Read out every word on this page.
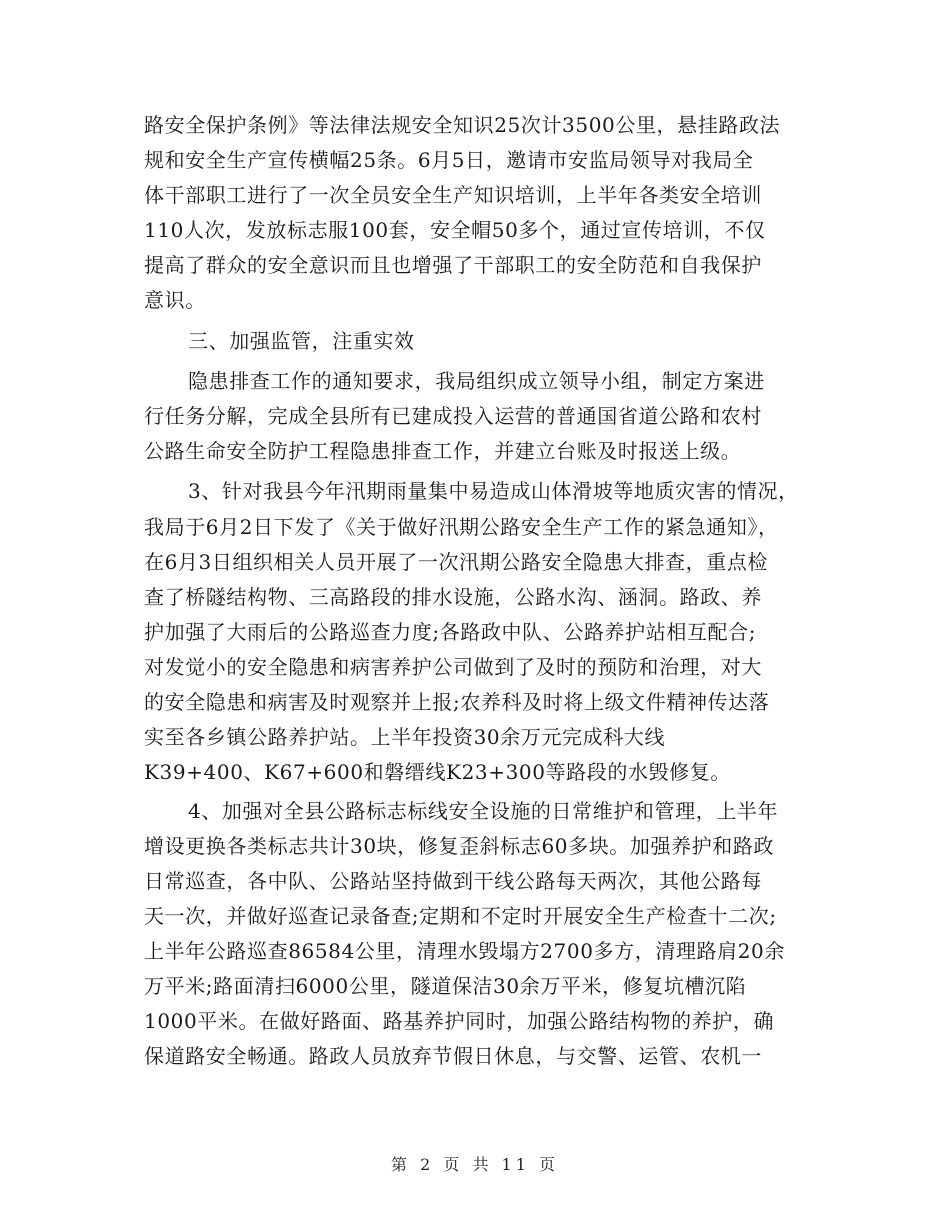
路安全保护条例》等法律法规安全知识25次计3500公里，悬挂路政法
规和安全生产宣传横幅25条。6月5日，邀请市安监局领导对我局全
体干部职工进行了一次全员安全生产知识培训，上半年各类安全培训
110人次，发放标志服100套，安全帽50多个，通过宣传培训，不仅
提高了群众的安全意识而且也增强了干部职工的安全防范和自我保护
意识。
三、加强监管，注重实效
隐患排查工作的通知要求，我局组织成立领导小组，制定方案进
行任务分解，完成全县所有已建成投入运营的普通国省道公路和农村
公路生命安全防护工程隐患排查工作，并建立台账及时报送上级。
3、针对我县今年汛期雨量集中易造成山体滑坡等地质灾害的情况，
我局于6月2日下发了《关于做好汛期公路安全生产工作的紧急通知》，
在6月3日组织相关人员开展了一次汛期公路安全隐患大排查，重点检
查了桥隧结构物、三高路段的排水设施，公路水沟、涵洞。路政、养
护加强了大雨后的公路巡查力度;各路政中队、公路养护站相互配合;
对发觉小的安全隐患和病害养护公司做到了及时的预防和治理，对大
的安全隐患和病害及时观察并上报;农养科及时将上级文件精神传达落
实至各乡镇公路养护站。上半年投资30余万元完成科大线
K39+400、K67+600和磐缙线K23+300等路段的水毁修复。
4、加强对全县公路标志标线安全设施的日常维护和管理，上半年
增设更换各类标志共计30块，修复歪斜标志60多块。加强养护和路政
日常巡查，各中队、公路站坚持做到干线公路每天两次，其他公路每
天一次，并做好巡查记录备查;定期和不定时开展安全生产检查十二次;
上半年公路巡查86584公里，清理水毁塌方2700多方，清理路肩20余
万平米;路面清扫6000公里，隧道保洁30余万平米，修复坑槽沉陷
1000平米。在做好路面、路基养护同时，加强公路结构物的养护，确
保道路安全畅通。路政人员放弃节假日休息，与交警、运管、农机一
第 2 页 共 11 页
